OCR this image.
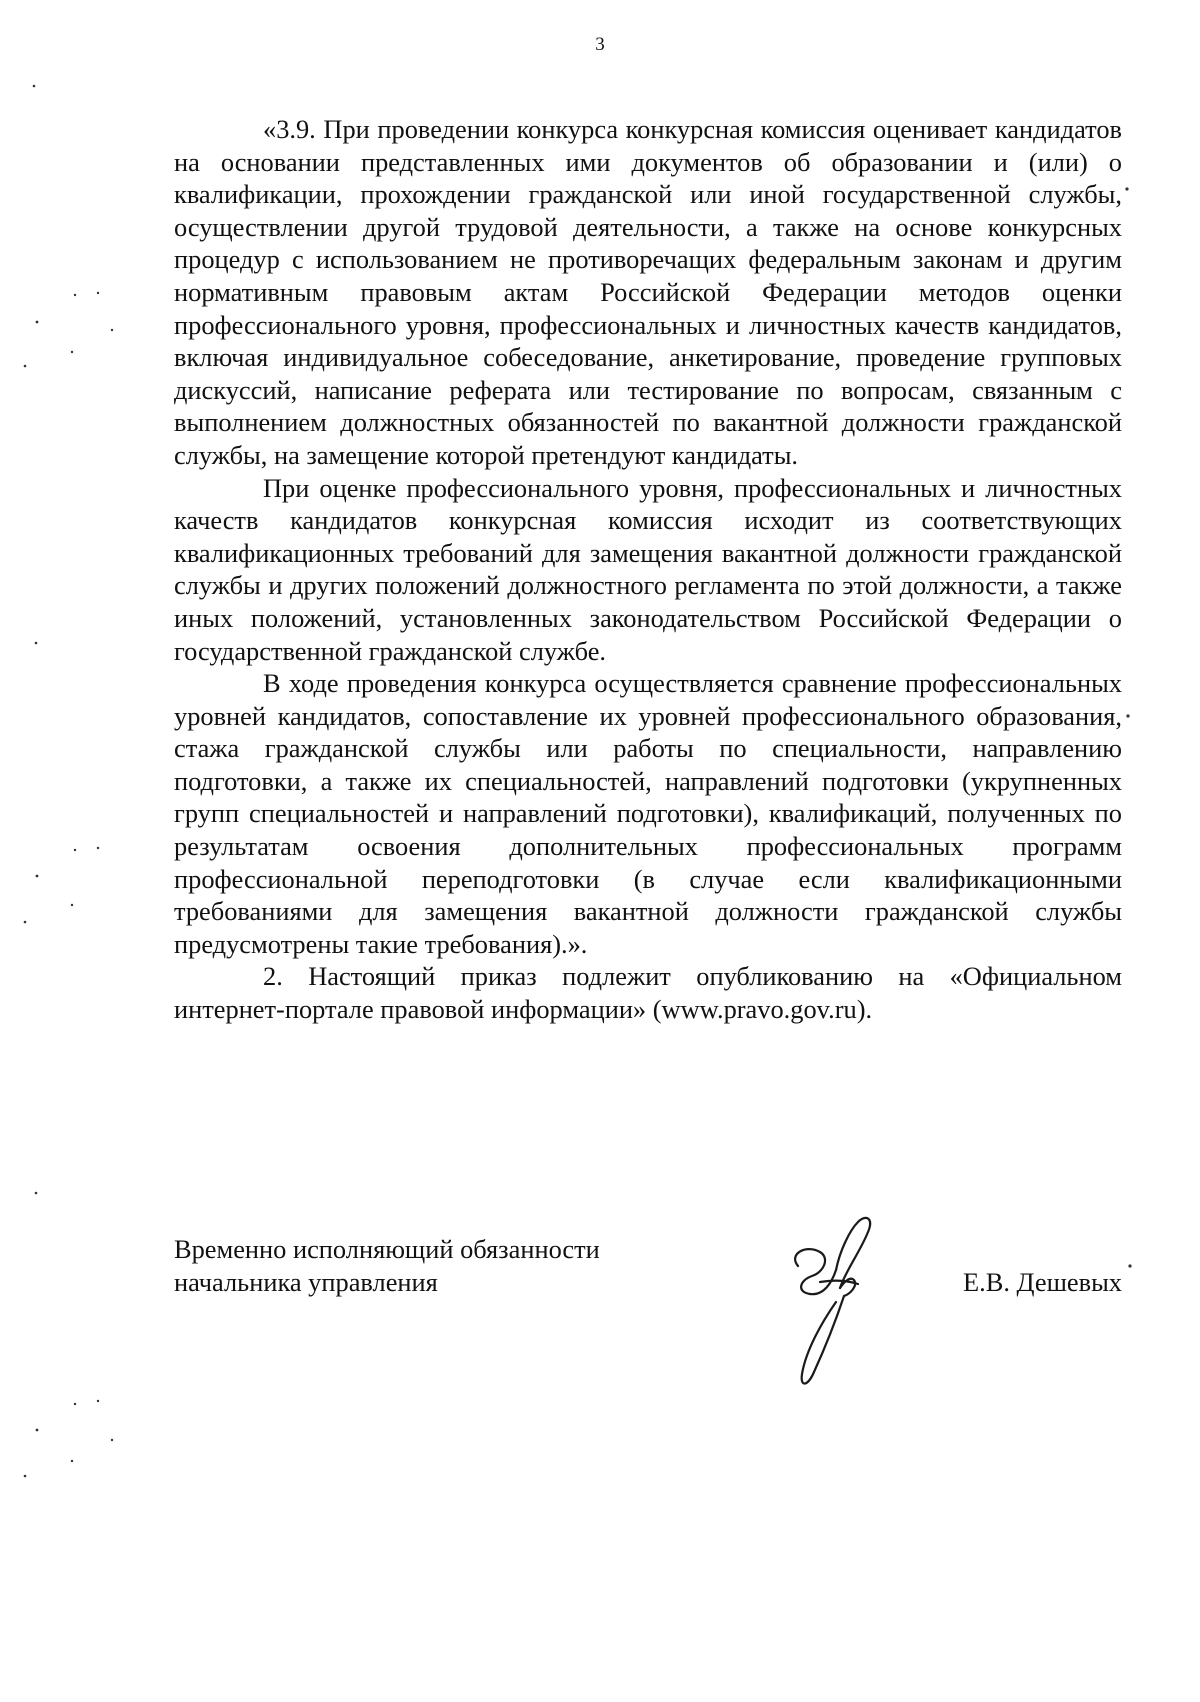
3

«3.9. При проведении конкурса конкурсная комиссия оценивает кандидатов на основании представленных ими документов об образовании и (или) о квалификации, прохождении гражданской или иной государственной службы, осуществлении другой трудовой деятельности, а также на основе конкурсных процедур с использованием не противоречащих федеральным законам и другим нормативным правовым актам Российской Федерации методов оценки профессионального уровня, профессиональных и личностных качеств кандидатов, включая индивидуальное собеседование, анкетирование, проведение групповых дискуссий, написание реферата или тестирование по вопросам, связанным с выполнением должностных обязанностей по вакантной должности гражданской службы, на замещение которой претендуют кандидаты.

При оценке профессионального уровня, профессиональных и личностных качеств кандидатов конкурсная комиссия исходит из соответствующих квалификационных требований для замещения вакантной должности гражданской службы и других положений должностного регламента по этой должности, а также иных положений, установленных законодательством Российской Федерации о государственной гражданской службе.

В ходе проведения конкурса осуществляется сравнение профессиональных уровней кандидатов, сопоставление их уровней профессионального образования, стажа гражданской службы или работы по специальности, направлению подготовки, а также их специальностей, направлений подготовки (укрупненных групп специальностей и направлений подготовки), квалификаций, полученных по результатам освоения дополнительных профессиональных программ профессиональной переподготовки (в случае если квалификационными требованиями для замещения вакантной должности гражданской службы предусмотрены такие требования).».

2. Настоящий приказ подлежит опубликованию на «Официальном интернет-портале правовой информации» (www.pravo.gov.ru).

Временно исполняющий обязанности
начальника управления	Е.В. Дешевых
